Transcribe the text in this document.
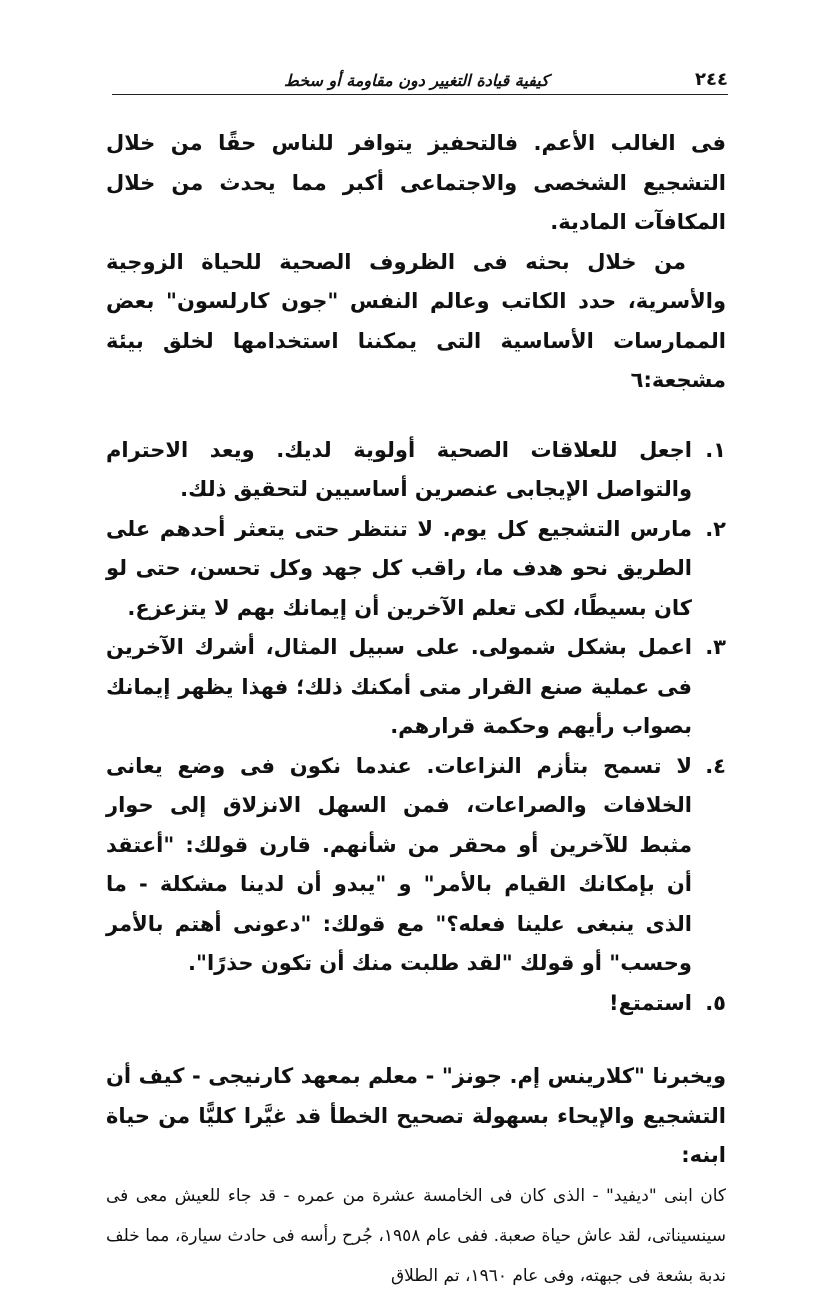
٢٤٤
كيفية قيادة التغيير دون مقاومة أو سخط

فى الغالب الأعم. فالتحفيز يتوافر للناس حقًا من خلال التشجيع الشخصى والاجتماعى أكبر مما يحدث من خلال المكافآت المادية.

من خلال بحثه فى الظروف الصحية للحياة الزوجية والأسرية، حدد الكاتب وعالم النفس "جون كارلسون" بعض الممارسات الأساسية التى يمكننا استخدامها لخلق بيئة مشجعة:٦

١.
اجعل للعلاقات الصحية أولوية لديك. ويعد الاحترام والتواصل الإيجابى عنصرين أساسيين لتحقيق ذلك.
٢.
مارس التشجيع كل يوم. لا تنتظر حتى يتعثر أحدهم على الطريق نحو هدف ما، راقب كل جهد وكل تحسن، حتى لو كان بسيطًا، لكى تعلم الآخرين أن إيمانك بهم لا يتزعزع.
٣.
اعمل بشكل شمولى. على سبيل المثال، أشرك الآخرين فى عملية صنع القرار متى أمكنك ذلك؛ فهذا يظهر إيمانك بصواب رأيهم وحكمة قرارهم.
٤.
لا تسمح بتأزم النزاعات. عندما نكون فى وضع يعانى الخلافات والصراعات، فمن السهل الانزلاق إلى حوار مثبط للآخرين أو محقر من شأنهم. قارن قولك: "أعتقد أن بإمكانك القيام بالأمر" و "يبدو أن لدينا مشكلة - ما الذى ينبغى علينا فعله؟" مع قولك: "دعونى أهتم بالأمر وحسب" أو قولك "لقد طلبت منك أن تكون حذرًا".
٥.
استمتع!

ويخبرنا "كلارينس إم. جونز" - معلم بمعهد كارنيجى - كيف أن التشجيع والإيحاء بسهولة تصحيح الخطأ قد غيَّرا كليًّا من حياة ابنه:

كان ابنى "ديفيد" - الذى كان فى الخامسة عشرة من عمره - قد جاء للعيش معى فى سينسيناتى، لقد عاش حياة صعبة. ففى عام ١٩٥٨، جُرح رأسه فى حادث سيارة، مما خلف ندبة بشعة فى جبهته، وفى عام ١٩٦٠، تم الطلاق
